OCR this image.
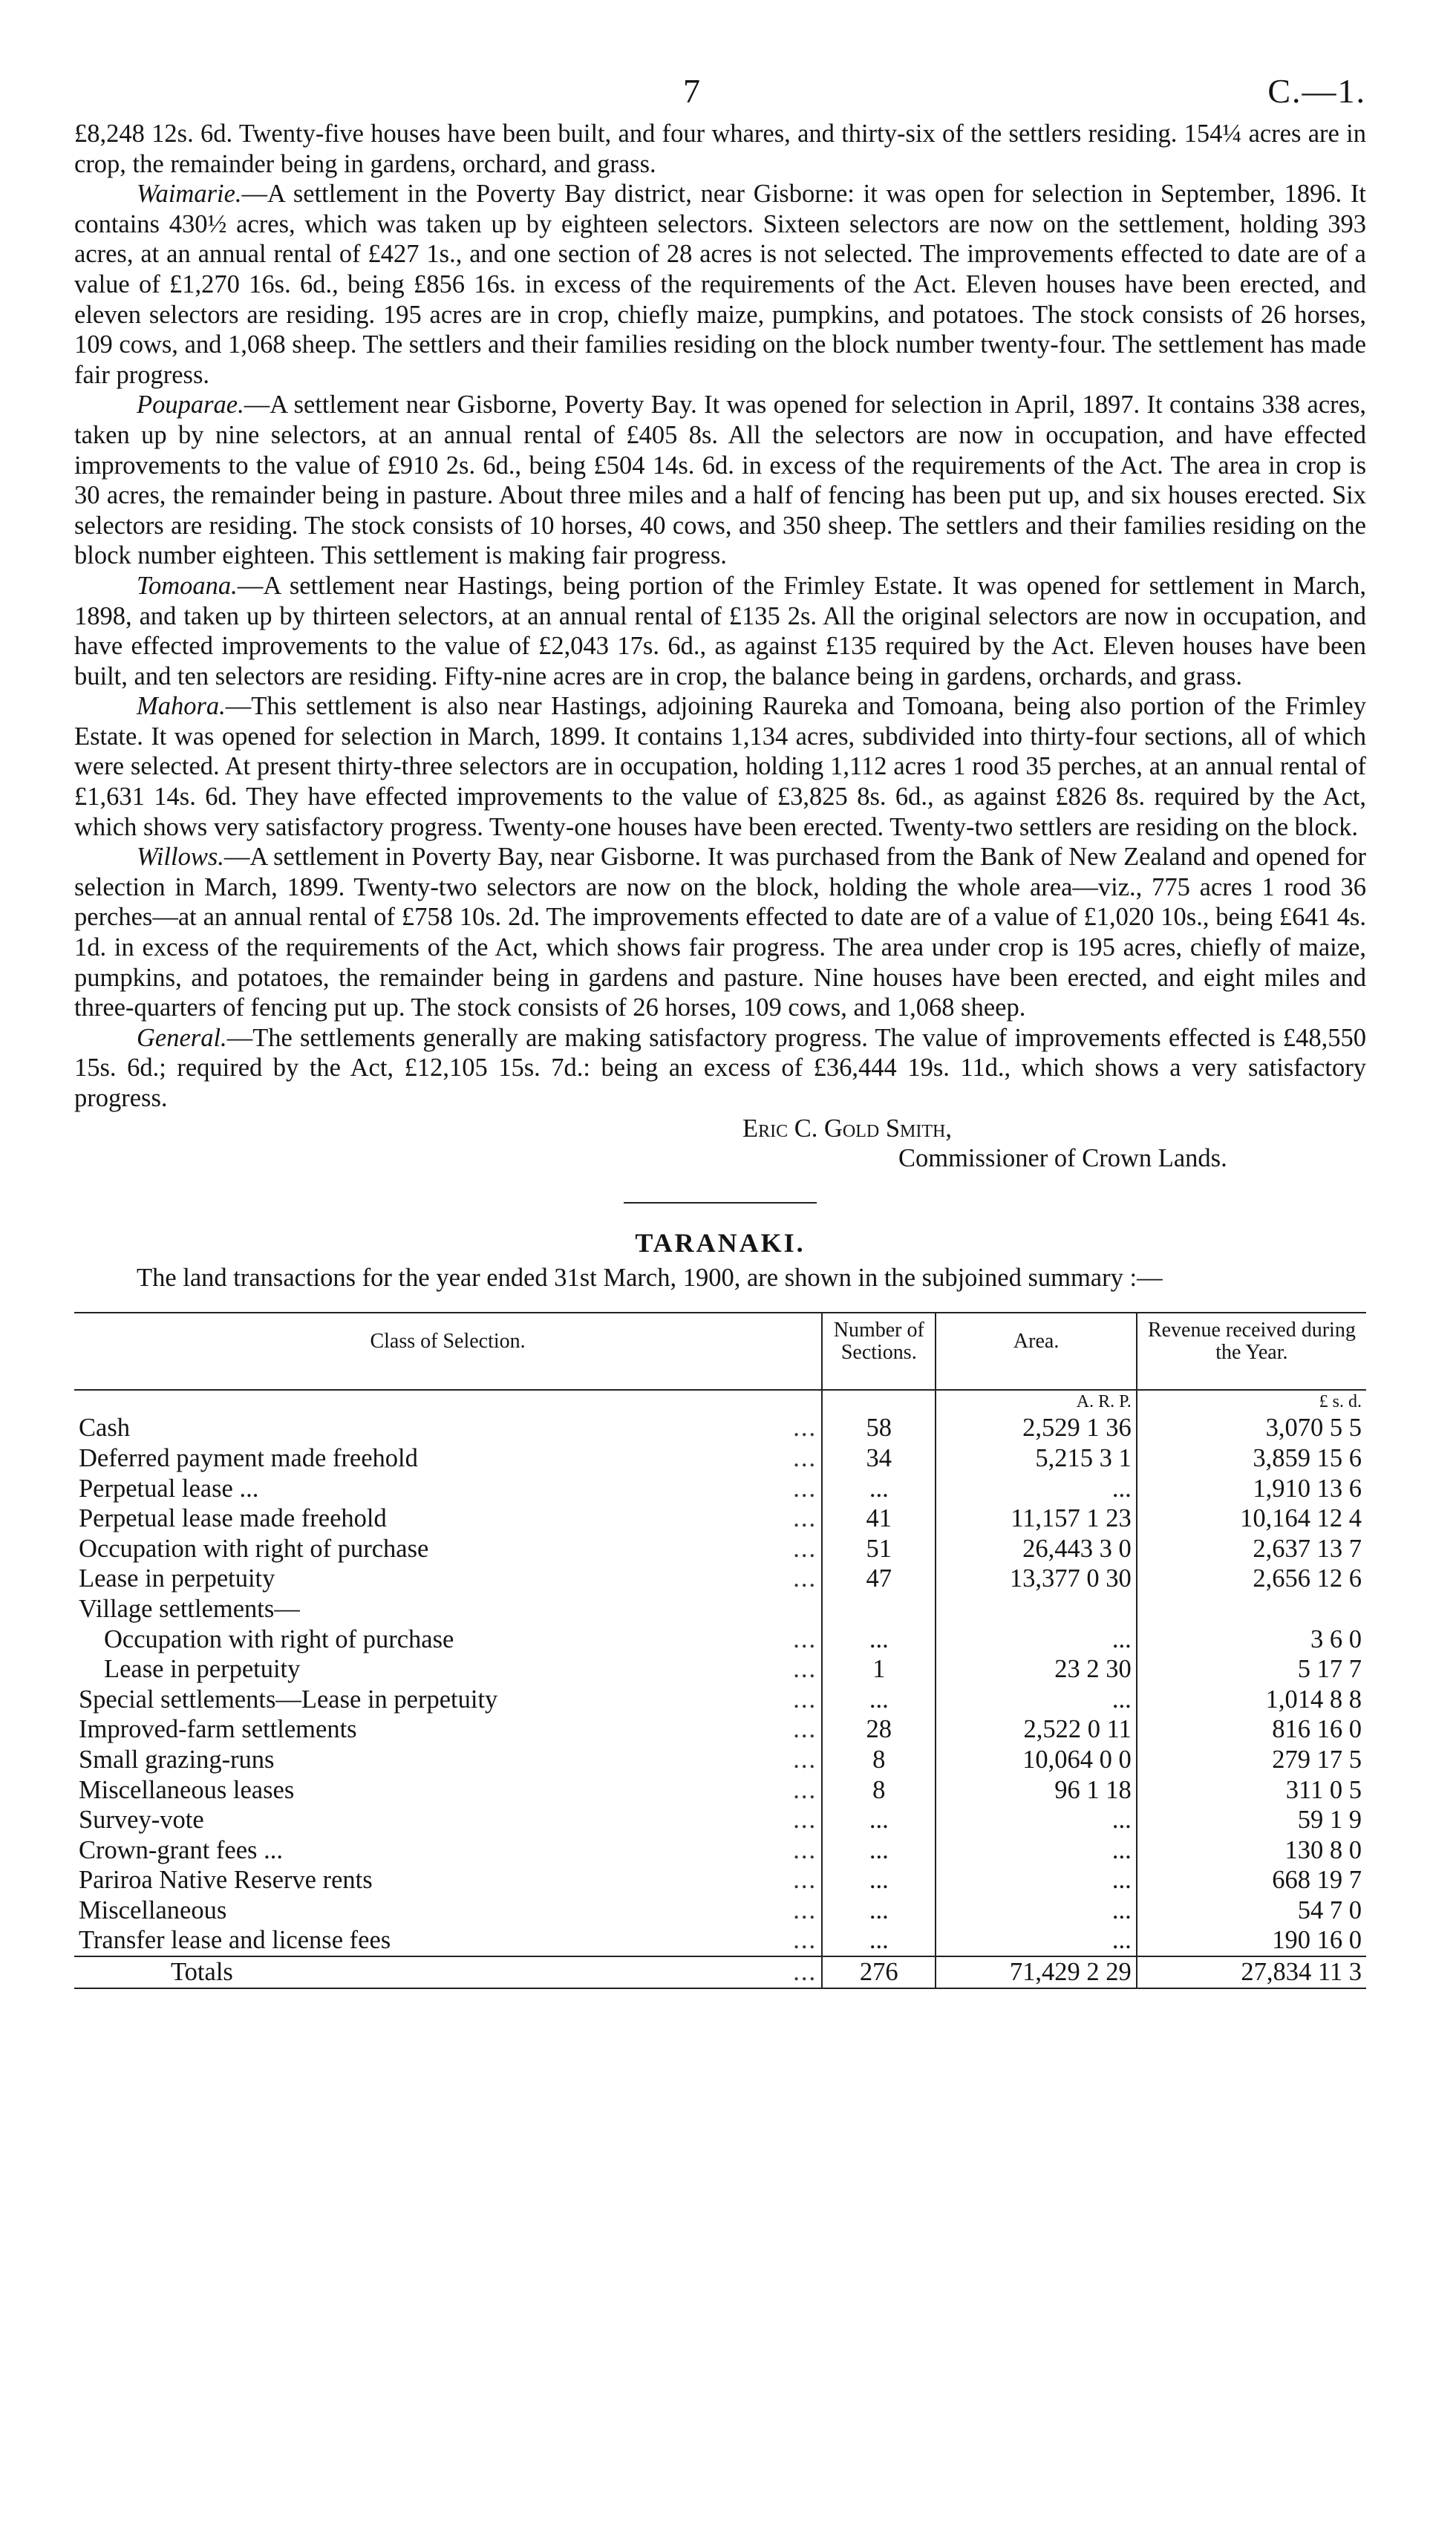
7	C.—1.

£8,248 12s. 6d. Twenty-five houses have been built, and four whares, and thirty-six of the settlers residing. 154¼ acres are in crop, the remainder being in gardens, orchard, and grass.

Waimarie.—A settlement in the Poverty Bay district, near Gisborne: it was open for selection in September, 1896. It contains 430½ acres, which was taken up by eighteen selectors. Sixteen selectors are now on the settlement, holding 393 acres, at an annual rental of £427 1s., and one section of 28 acres is not selected. The improvements effected to date are of a value of £1,270 16s. 6d., being £856 16s. in excess of the requirements of the Act. Eleven houses have been erected, and eleven selectors are residing. 195 acres are in crop, chiefly maize, pumpkins, and potatoes. The stock consists of 26 horses, 109 cows, and 1,068 sheep. The settlers and their families residing on the block number twenty-four. The settlement has made fair progress.

Pouparae.—A settlement near Gisborne, Poverty Bay. It was opened for selection in April, 1897. It contains 338 acres, taken up by nine selectors, at an annual rental of £405 8s. All the selectors are now in occupation, and have effected improvements to the value of £910 2s. 6d., being £504 14s. 6d. in excess of the requirements of the Act. The area in crop is 30 acres, the remainder being in pasture. About three miles and a half of fencing has been put up, and six houses erected. Six selectors are residing. The stock consists of 10 horses, 40 cows, and 350 sheep. The settlers and their families residing on the block number eighteen. This settlement is making fair progress.

Tomoana.—A settlement near Hastings, being portion of the Frimley Estate. It was opened for settlement in March, 1898, and taken up by thirteen selectors, at an annual rental of £135 2s. All the original selectors are now in occupation, and have effected improvements to the value of £2,043 17s. 6d., as against £135 required by the Act. Eleven houses have been built, and ten selectors are residing. Fifty-nine acres are in crop, the balance being in gardens, orchards, and grass.

Mahora.—This settlement is also near Hastings, adjoining Raureka and Tomoana, being also portion of the Frimley Estate. It was opened for selection in March, 1899. It contains 1,134 acres, subdivided into thirty-four sections, all of which were selected. At present thirty-three selectors are in occupation, holding 1,112 acres 1 rood 35 perches, at an annual rental of £1,631 14s. 6d. They have effected improvements to the value of £3,825 8s. 6d., as against £826 8s. required by the Act, which shows very satisfactory progress. Twenty-one houses have been erected. Twenty-two settlers are residing on the block.

Willows.—A settlement in Poverty Bay, near Gisborne. It was purchased from the Bank of New Zealand and opened for selection in March, 1899. Twenty-two selectors are now on the block, holding the whole area—viz., 775 acres 1 rood 36 perches—at an annual rental of £758 10s. 2d. The improvements effected to date are of a value of £1,020 10s., being £641 4s. 1d. in excess of the requirements of the Act, which shows fair progress. The area under crop is 195 acres, chiefly of maize, pumpkins, and potatoes, the remainder being in gardens and pasture. Nine houses have been erected, and eight miles and three-quarters of fencing put up. The stock consists of 26 horses, 109 cows, and 1,068 sheep.

General.—The settlements generally are making satisfactory progress. The value of improvements effected is £48,550 15s. 6d.; required by the Act, £12,105 15s. 7d.: being an excess of £36,444 19s. 11d., which shows a very satisfactory progress.

Eric C. Gold Smith,

Commissioner of Crown Lands.

TARANAKI.

The land transactions for the year ended 31st March, 1900, are shown in the subjoined summary :—

Class of Selection.	Number of Sections.	Area.	Revenue received during the Year.
		A. R. P.	£ s. d.
Cash ...	58	2,529 1 36	3,070 5 5
Deferred payment made freehold ...	34	5,215 3 1	3,859 15 6
Perpetual lease ... ...	...	...	1,910 13 6
Perpetual lease made freehold ...	41	11,157 1 23	10,164 12 4
Occupation with right of purchase ...	51	26,443 3 0	2,637 13 7
Lease in perpetuity ...	47	13,377 0 30	2,656 12 6
Village settlements—			
Occupation with right of purchase ...	...	...	3 6 0
Lease in perpetuity ...	1	23 2 30	5 17 7
Special settlements—Lease in perpetuity ...	...	...	1,014 8 8
Improved-farm settlements ...	28	2,522 0 11	816 16 0
Small grazing-runs ...	8	10,064 0 0	279 17 5
Miscellaneous leases ...	8	96 1 18	311 0 5
Survey-vote ...	...	...	59 1 9
Crown-grant fees ... ...	...	...	130 8 0
Pariroa Native Reserve rents ...	...	...	668 19 7
Miscellaneous ...	...	...	54 7 0
Transfer lease and license fees ...	...	...	190 16 0
Totals ...	276	71,429 2 29	27,834 11 3
